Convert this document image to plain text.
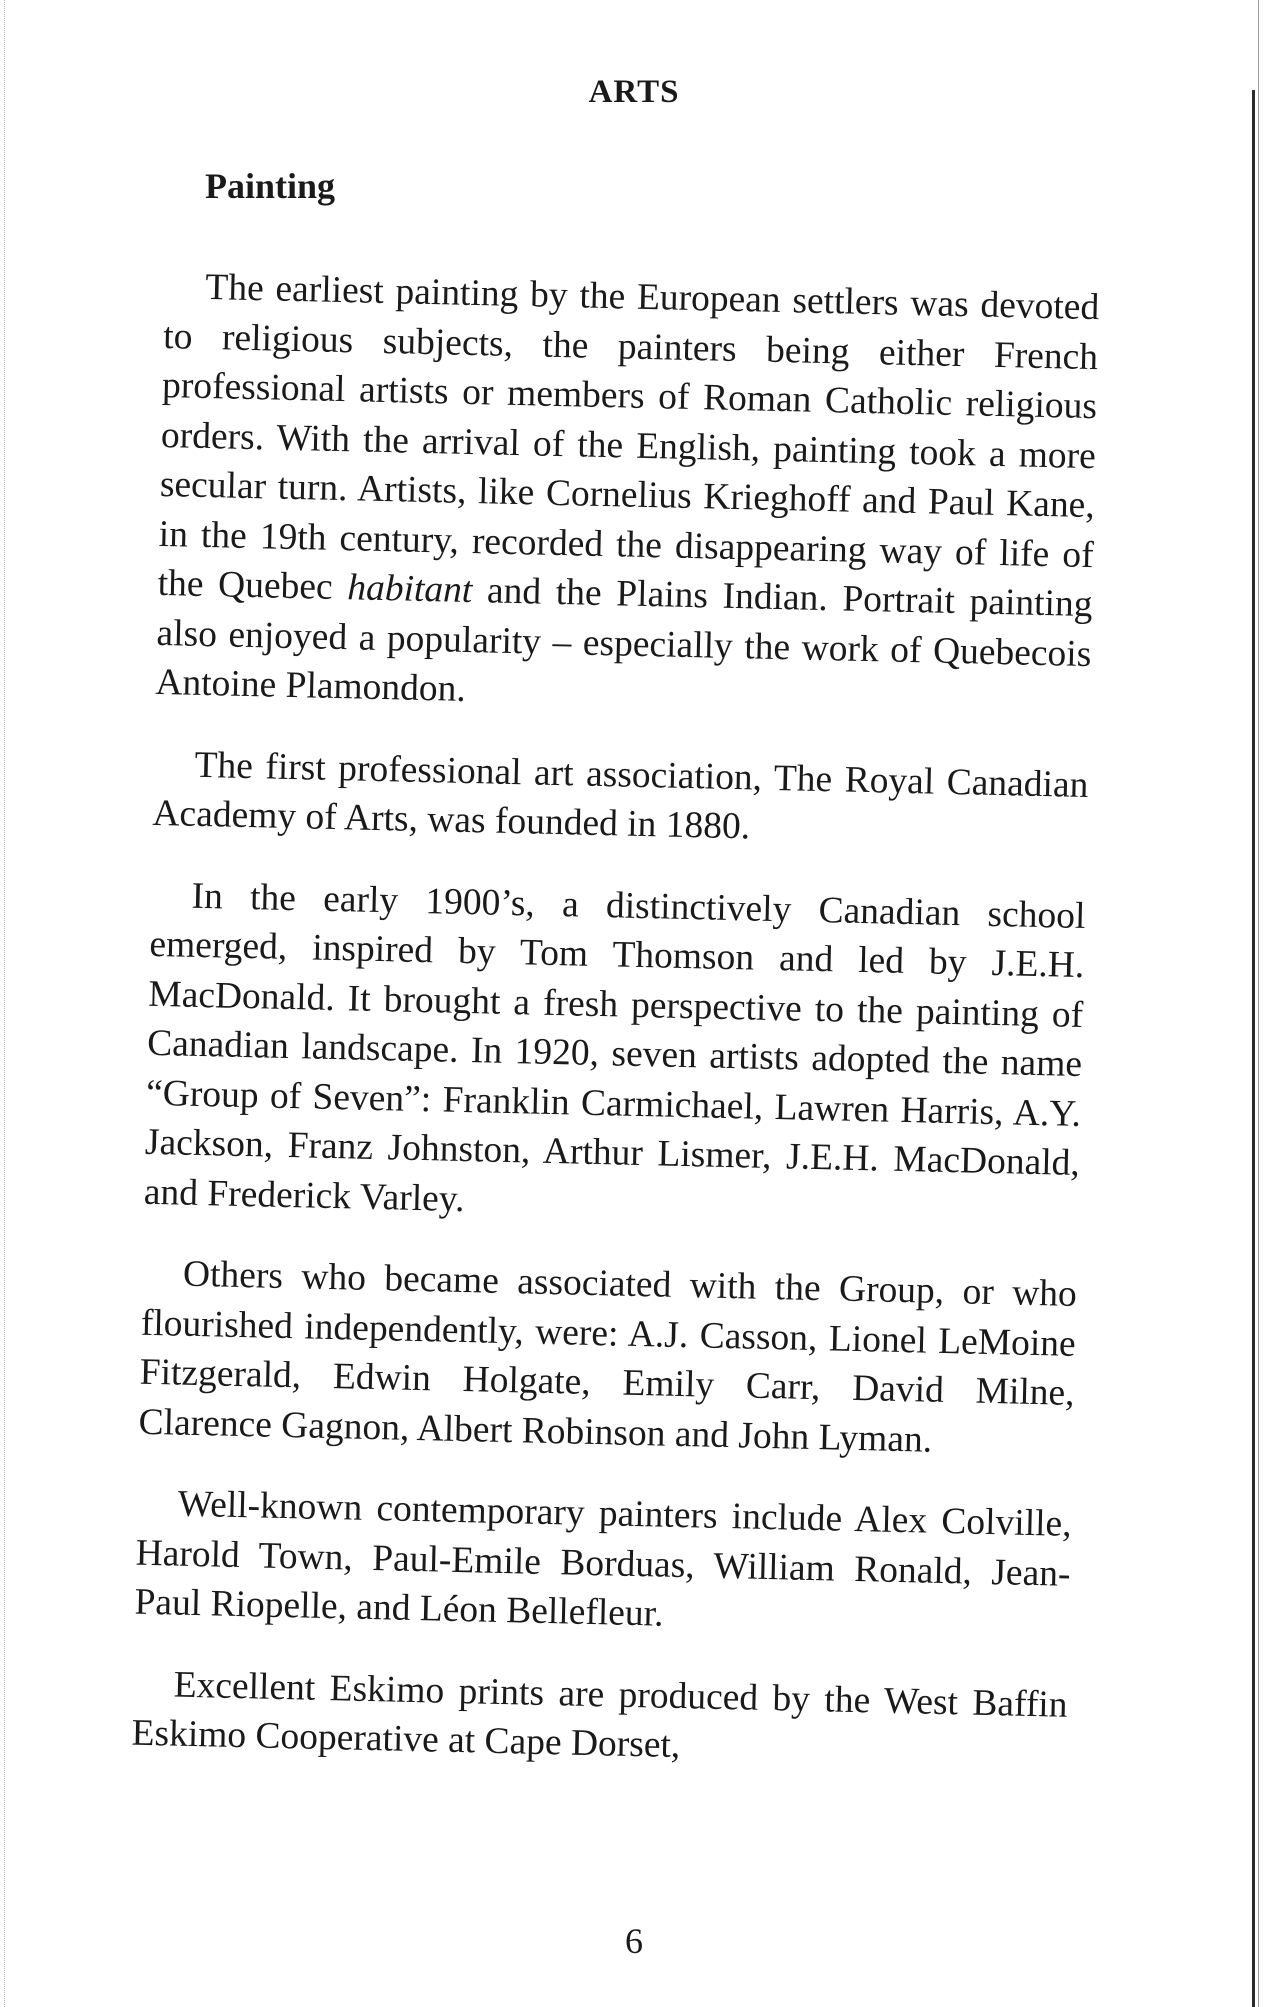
ARTS
Painting

The earliest painting by the European settlers was devoted to religious subjects, the painters being either French professional artists or members of Roman Catholic religious orders. With the arrival of the English, painting took a more secular turn. Artists, like Cornelius Krieghoff and Paul Kane, in the 19th century, recorded the disappearing way of life of the Quebec habitant and the Plains Indian. Portrait painting also enjoyed a popularity – especially the work of Quebecois Antoine Plamondon.

The first professional art association, The Royal Canadian Academy of Arts, was founded in 1880.

In the early 1900’s, a distinctively Canadian school emerged, inspired by Tom Thomson and led by J.E.H. MacDonald. It brought a fresh perspective to the painting of Canadian landscape. In 1920, seven artists adopted the name “Group of Seven”: Franklin Carmichael, Lawren Harris, A.Y. Jackson, Franz Johnston, Arthur Lismer, J.E.H. MacDonald, and Frederick Varley.

Others who became associated with the Group, or who flourished independently, were: A.J. Casson, Lionel LeMoine Fitzgerald, Edwin Holgate, Emily Carr, David Milne, Clarence Gagnon, Albert Robinson and John Lyman.

Well-known contemporary painters include Alex Colville, Harold Town, Paul-Emile Borduas, William Ronald, Jean-Paul Riopelle, and Léon Bellefleur.

Excellent Eskimo prints are produced by the West Baffin Eskimo Cooperative at Cape Dorset,

6
